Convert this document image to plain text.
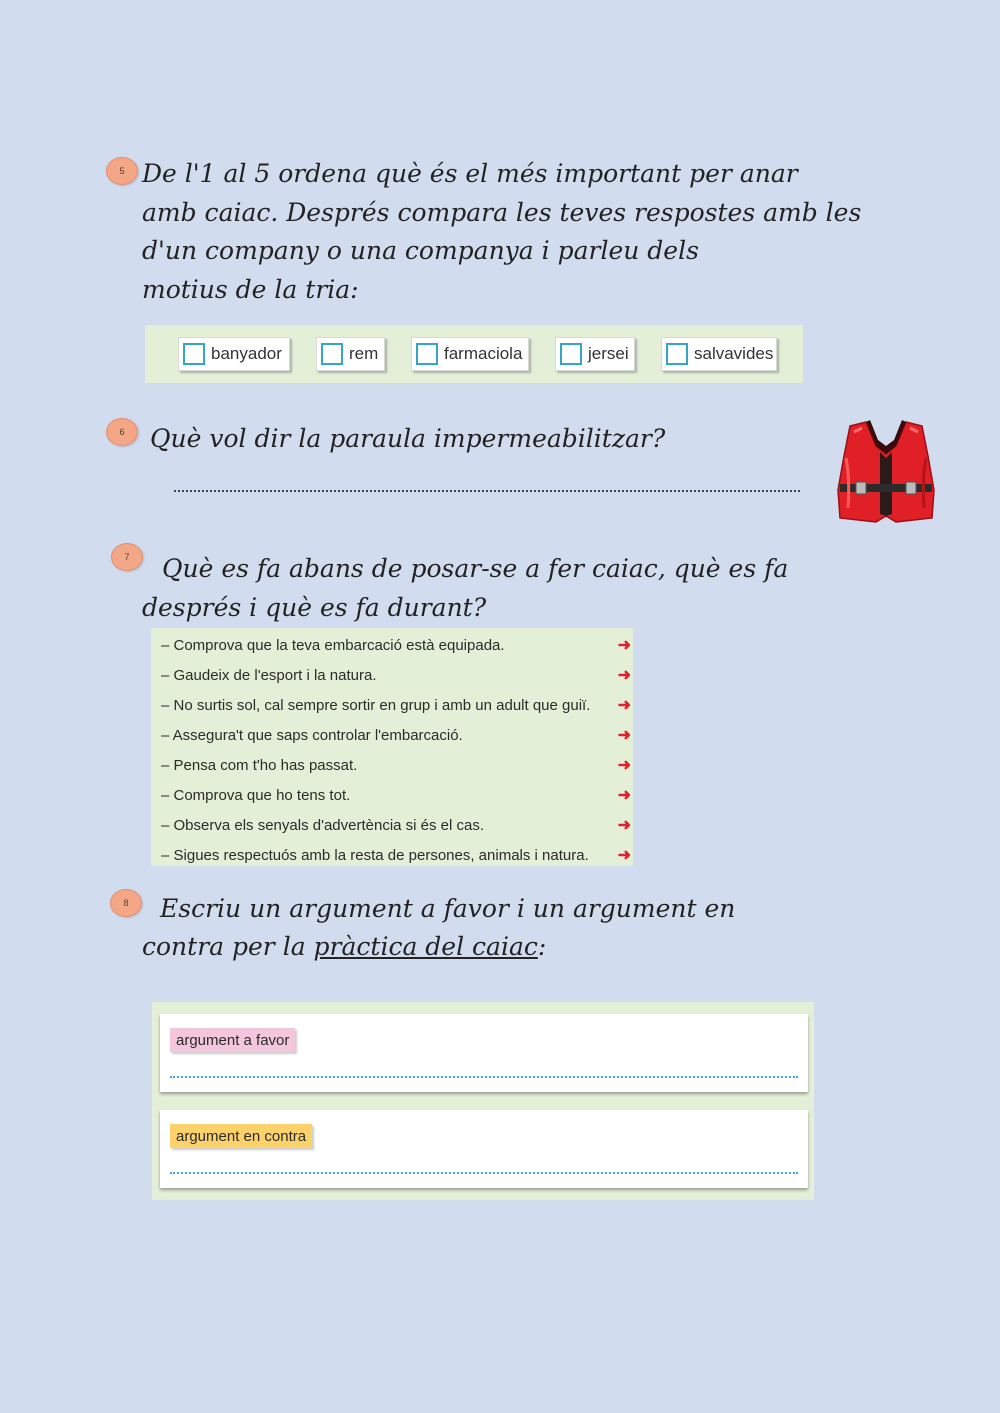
5 De l'1 al 5 ordena què és el més important per anar
amb caiac. Després compara les teves respostes amb les
d'un company o una companya i parleu dels
motius de la tria:
banyador	rem	farmaciola	jersei	salvavides
6	Què vol dir la paraula impermeabilitzar?
7	Què es fa abans de posar-se a fer caiac, què es fa
després i què es fa durant?
– Comprova que la teva embarcació està equipada.	➜
– Gaudeix de l'esport i la natura.	➜
– No surtis sol, cal sempre sortir en grup i amb un adult que guiï.	➜
– Assegura't que saps controlar l'embarcació.	➜
– Pensa com t'ho has passat.	➜
– Comprova que ho tens tot.	➜
– Observa els senyals d'advertència si és el cas.	➜
– Sigues respectuós amb la resta de persones, animals i natura.	➜
8	Escriu un argument a favor i un argument en
contra per la pràctica del caiac:
argument a favor
argument en contra
